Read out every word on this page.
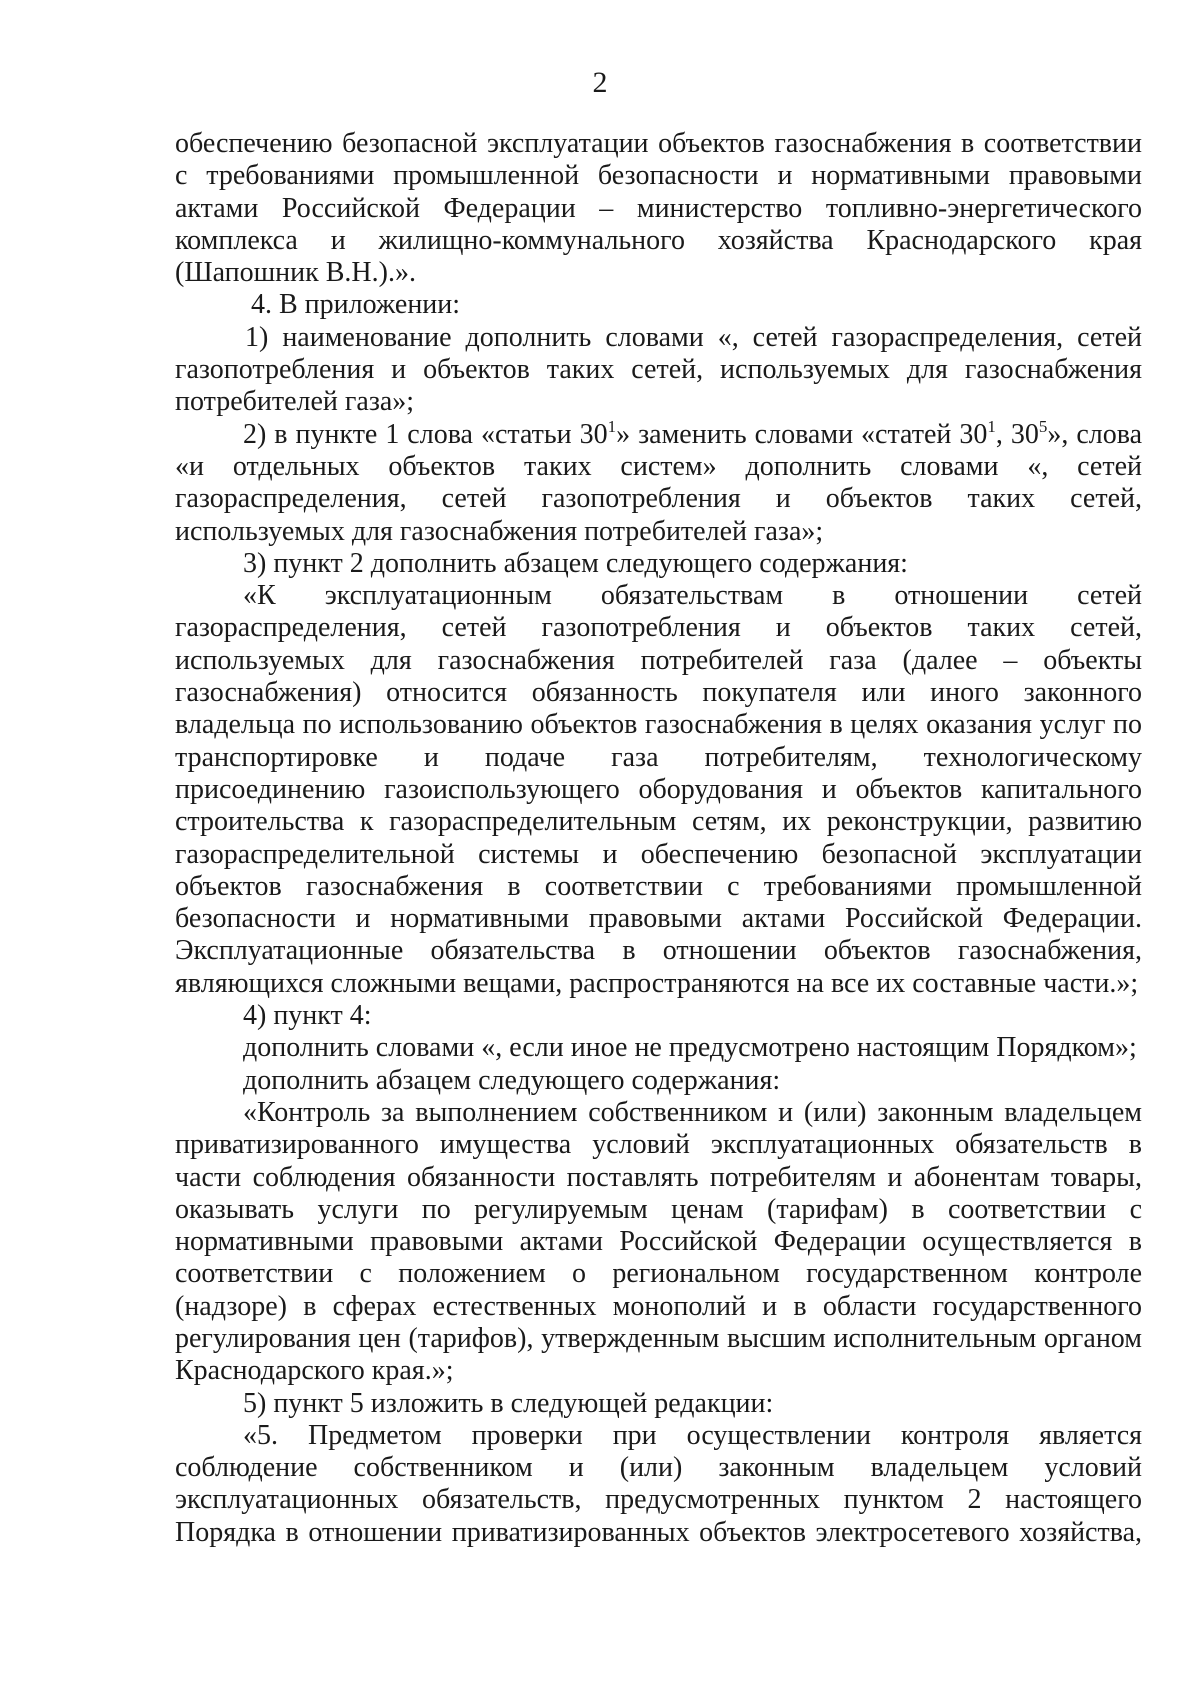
2

обеспечению безопасной эксплуатации объектов газоснабжения в соответствии с требованиями промышленной безопасности и нормативными правовыми актами Российской Федерации – министерство топливно-энергетического комплекса и жилищно-коммунального хозяйства Краснодарского края (Шапошник В.Н.).».

4. В приложении:

1) наименование дополнить словами «, сетей газораспределения, сетей газопотребления и объектов таких сетей, используемых для газоснабжения потребителей газа»;

2) в пункте 1 слова «статьи $30^1$» заменить словами «статей $30^1$, $30^5$», слова «и отдельных объектов таких систем» дополнить словами «, сетей газораспределения, сетей газопотребления и объектов таких сетей, используемых для газоснабжения потребителей газа»;

3) пункт 2 дополнить абзацем следующего содержания:

«К эксплуатационным обязательствам в отношении сетей газораспределения, сетей газопотребления и объектов таких сетей, используемых для газоснабжения потребителей газа (далее – объекты газоснабжения) относится обязанность покупателя или иного законного владельца по использованию объектов газоснабжения в целях оказания услуг по транспортировке и подаче газа потребителям, технологическому присоединению газоиспользующего оборудования и объектов капитального строительства к газораспределительным сетям, их реконструкции, развитию газораспределительной системы и обеспечению безопасной эксплуатации объектов газоснабжения в соответствии с требованиями промышленной безопасности и нормативными правовыми актами Российской Федерации. Эксплуатационные обязательства в отношении объектов газоснабжения, являющихся сложными вещами, распространяются на все их составные части.»;

4) пункт 4:

дополнить словами «, если иное не предусмотрено настоящим Порядком»;

дополнить абзацем следующего содержания:

«Контроль за выполнением собственником и (или) законным владельцем приватизированного имущества условий эксплуатационных обязательств в части соблюдения обязанности поставлять потребителям и абонентам товары, оказывать услуги по регулируемым ценам (тарифам) в соответствии с нормативными правовыми актами Российской Федерации осуществляется в соответствии с положением о региональном государственном контроле (надзоре) в сферах естественных монополий и в области государственного регулирования цен (тарифов), утвержденным высшим исполнительным органом Краснодарского края.»;

5) пункт 5 изложить в следующей редакции:

«5. Предметом проверки при осуществлении контроля является соблюдение собственником и (или) законным владельцем условий эксплуатационных обязательств, предусмотренных пунктом 2 настоящего Порядка в отношении приватизированных объектов электросетевого хозяйства,
